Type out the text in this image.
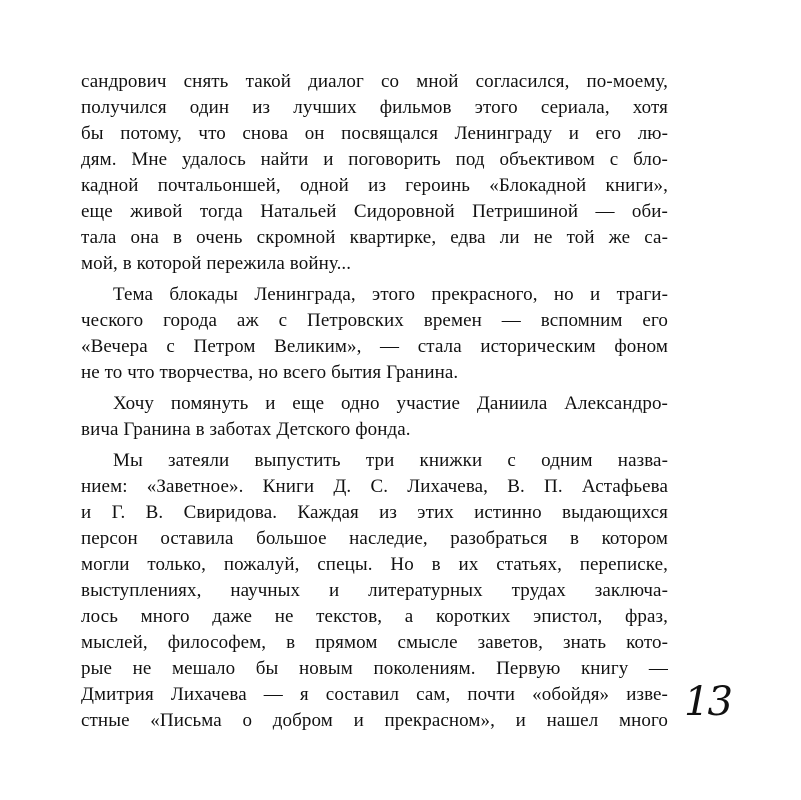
сандрович снять такой диалог со мной согласился, по-моему,
получился один из лучших фильмов этого сериала, хотя
бы потому, что снова он посвящался Ленинграду и его лю-
дям. Мне удалось найти и поговорить под объективом с бло-
кадной почтальоншей, одной из героинь «Блокадной книги»,
еще живой тогда Натальей Сидоровной Петришиной — оби-
тала она в очень скромной квартирке, едва ли не той же са-
мой, в которой пережила войну...
Тема блокады Ленинграда, этого прекрасного, но и траги-
ческого города аж с Петровских времен — вспомним его
«Вечера с Петром Великим», — стала историческим фоном
не то что творчества, но всего бытия Гранина.
Хочу помянуть и еще одно участие Даниила Александро-
вича Гранина в заботах Детского фонда.
Мы затеяли выпустить три книжки с одним назва-
нием: «Заветное». Книги Д. С. Лихачева, В. П. Астафьева
и Г. В. Свиридова. Каждая из этих истинно выдающихся
персон оставила большое наследие, разобраться в котором
могли только, пожалуй, спецы. Но в их статьях, переписке,
выступлениях, научных и литературных трудах заключа-
лось много даже не текстов, а коротких эпистол, фраз,
мыслей, философем, в прямом смысле заветов, знать кото-
рые не мешало бы новым поколениям. Первую книгу —
Дмитрия Лихачева — я составил сам, почти «обойдя» изве-
стные «Письма о добром и прекрасном», и нашел много 13
